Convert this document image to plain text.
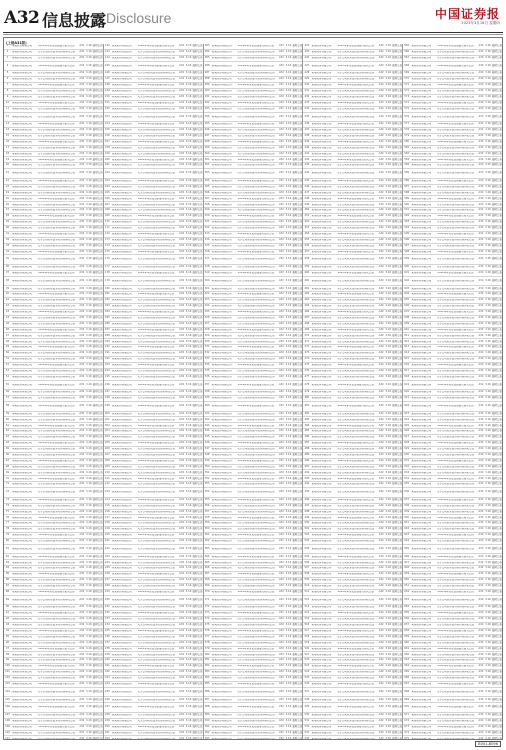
A32 信息披露 Disclosure	中国证券报
2023年3月16日 星期四
(上接A31版)
1	某某股份有限公司	2022年年度报告摘要及相关公告	A32 3.16 临时公告
2	某某股份有限公司	关于公司股东部分股份质押的公告	A32 3.16 临时公告
3	某某股份有限公司	关于公司股东部分股份质押的公告	A32 3.16 临时公告
4	某某股份有限公司	2022年年度报告摘要及相关公告	A32 3.16 临时公告
5	某某股份有限公司	关于公司股东部分股份质押的公告	A32 3.16 临时公告
6	某某股份有限公司	关于公司股东部分股份质押的公告	A32 3.16 临时公告
7	某某股份有限公司	2022年年度报告摘要及相关公告	A32 3.16 临时公告
8	某某股份有限公司	关于公司股东部分股份质押的公告	A32 3.16 临时公告
9	某某股份有限公司	关于公司股东部分股份质押的公告	A32 3.16 临时公告
10	某某股份有限公司	2022年年度报告摘要及相关公告	A32 3.16 临时公告
11	某某股份有限公司	关于公司股东部分股份质押的公告	A32 3.16 临时公告
12	某某股份有限公司	关于公司股东部分股份质押的公告	A32 3.16 临时公告
13	某某股份有限公司	2022年年度报告摘要及相关公告	A32 3.16 临时公告
14	某某股份有限公司	关于公司股东部分股份质押的公告	A32 3.16 临时公告
15	某某股份有限公司	关于公司股东部分股份质押的公告	A32 3.16 临时公告
16	某某股份有限公司	2022年年度报告摘要及相关公告	A32 3.16 临时公告
17	某某股份有限公司	关于公司股东部分股份质押的公告	A32 3.16 临时公告
18	某某股份有限公司	关于公司股东部分股份质押的公告	A32 3.16 临时公告
19	某某股份有限公司	2022年年度报告摘要及相关公告	A32 3.16 临时公告
20	某某股份有限公司	关于公司股东部分股份质押的公告	A32 3.16 临时公告
21	某某股份有限公司	关于公司股东部分股份质押的公告	A32 3.16 临时公告
22	某某股份有限公司	2022年年度报告摘要及相关公告	A32 3.16 临时公告
23	某某股份有限公司	关于公司股东部分股份质押的公告	A32 3.16 临时公告
24	某某股份有限公司	关于公司股东部分股份质押的公告	A32 3.16 临时公告
25	某某股份有限公司	2022年年度报告摘要及相关公告	A32 3.16 临时公告
26	某某股份有限公司	关于公司股东部分股份质押的公告	A32 3.16 临时公告
27	某某股份有限公司	关于公司股东部分股份质押的公告	A32 3.16 临时公告
28	某某股份有限公司	2022年年度报告摘要及相关公告	A32 3.16 临时公告
29	某某股份有限公司	关于公司股东部分股份质押的公告	A32 3.16 临时公告
30	某某股份有限公司	关于公司股东部分股份质押的公告	A32 3.16 临时公告
31	某某股份有限公司	2022年年度报告摘要及相关公告	A32 3.16 临时公告
32	某某股份有限公司	关于公司股东部分股份质押的公告	A32 3.16 临时公告
33	某某股份有限公司	关于公司股东部分股份质押的公告	A32 3.16 临时公告
34	某某股份有限公司	2022年年度报告摘要及相关公告	A32 3.16 临时公告
35	某某股份有限公司	关于公司股东部分股份质押的公告	A32 3.16 临时公告
36	某某股份有限公司	关于公司股东部分股份质押的公告	A32 3.16 临时公告
37	某某股份有限公司	2022年年度报告摘要及相关公告	A32 3.16 临时公告
38	某某股份有限公司	关于公司股东部分股份质押的公告	A32 3.16 临时公告
39	某某股份有限公司	关于公司股东部分股份质押的公告	A32 3.16 临时公告
40	某某股份有限公司	2022年年度报告摘要及相关公告	A32 3.16 临时公告
41	某某股份有限公司	关于公司股东部分股份质押的公告	A32 3.16 临时公告
42	某某股份有限公司	关于公司股东部分股份质押的公告	A32 3.16 临时公告
43	某某股份有限公司	2022年年度报告摘要及相关公告	A32 3.16 临时公告
44	某某股份有限公司	关于公司股东部分股份质押的公告	A32 3.16 临时公告
45	某某股份有限公司	关于公司股东部分股份质押的公告	A32 3.16 临时公告
46	某某股份有限公司	2022年年度报告摘要及相关公告	A32 3.16 临时公告
47	某某股份有限公司	关于公司股东部分股份质押的公告	A32 3.16 临时公告
48	某某股份有限公司	关于公司股东部分股份质押的公告	A32 3.16 临时公告
49	某某股份有限公司	2022年年度报告摘要及相关公告	A32 3.16 临时公告
50	某某股份有限公司	关于公司股东部分股份质押的公告	A32 3.16 临时公告
51	某某股份有限公司	关于公司股东部分股份质押的公告	A32 3.16 临时公告
52	某某股份有限公司	2022年年度报告摘要及相关公告	A32 3.16 临时公告
53	某某股份有限公司	关于公司股东部分股份质押的公告	A32 3.16 临时公告
54	某某股份有限公司	关于公司股东部分股份质押的公告	A32 3.16 临时公告
55	某某股份有限公司	2022年年度报告摘要及相关公告	A32 3.16 临时公告
56	某某股份有限公司	关于公司股东部分股份质押的公告	A32 3.16 临时公告
57	某某股份有限公司	关于公司股东部分股份质押的公告	A32 3.16 临时公告
58	某某股份有限公司	2022年年度报告摘要及相关公告	A32 3.16 临时公告
59	某某股份有限公司	关于公司股东部分股份质押的公告	A32 3.16 临时公告
60	某某股份有限公司	关于公司股东部分股份质押的公告	A32 3.16 临时公告
61	某某股份有限公司	2022年年度报告摘要及相关公告	A32 3.16 临时公告
62	某某股份有限公司	关于公司股东部分股份质押的公告	A32 3.16 临时公告
63	某某股份有限公司	关于公司股东部分股份质押的公告	A32 3.16 临时公告
64	某某股份有限公司	2022年年度报告摘要及相关公告	A32 3.16 临时公告
65	某某股份有限公司	关于公司股东部分股份质押的公告	A32 3.16 临时公告
66	某某股份有限公司	关于公司股东部分股份质押的公告	A32 3.16 临时公告
67	某某股份有限公司	2022年年度报告摘要及相关公告	A32 3.16 临时公告
68	某某股份有限公司	关于公司股东部分股份质押的公告	A32 3.16 临时公告
69	某某股份有限公司	关于公司股东部分股份质押的公告	A32 3.16 临时公告
70	某某股份有限公司	2022年年度报告摘要及相关公告	A32 3.16 临时公告
71	某某股份有限公司	关于公司股东部分股份质押的公告	A32 3.16 临时公告
72	某某股份有限公司	关于公司股东部分股份质押的公告	A32 3.16 临时公告
73	某某股份有限公司	2022年年度报告摘要及相关公告	A32 3.16 临时公告
74	某某股份有限公司	关于公司股东部分股份质押的公告	A32 3.16 临时公告
75	某某股份有限公司	关于公司股东部分股份质押的公告	A32 3.16 临时公告
76	某某股份有限公司	2022年年度报告摘要及相关公告	A32 3.16 临时公告
77	某某股份有限公司	关于公司股东部分股份质押的公告	A32 3.16 临时公告
78	某某股份有限公司	关于公司股东部分股份质押的公告	A32 3.16 临时公告
79	某某股份有限公司	2022年年度报告摘要及相关公告	A32 3.16 临时公告
80	某某股份有限公司	关于公司股东部分股份质押的公告	A32 3.16 临时公告
81	某某股份有限公司	关于公司股东部分股份质押的公告	A32 3.16 临时公告
82	某某股份有限公司	2022年年度报告摘要及相关公告	A32 3.16 临时公告
83	某某股份有限公司	关于公司股东部分股份质押的公告	A32 3.16 临时公告
84	某某股份有限公司	关于公司股东部分股份质押的公告	A32 3.16 临时公告
85	某某股份有限公司	2022年年度报告摘要及相关公告	A32 3.16 临时公告
86	某某股份有限公司	关于公司股东部分股份质押的公告	A32 3.16 临时公告
87	某某股份有限公司	关于公司股东部分股份质押的公告	A32 3.16 临时公告
88	某某股份有限公司	2022年年度报告摘要及相关公告	A32 3.16 临时公告
89	某某股份有限公司	关于公司股东部分股份质押的公告	A32 3.16 临时公告
90	某某股份有限公司	关于公司股东部分股份质押的公告	A32 3.16 临时公告
91	某某股份有限公司	2022年年度报告摘要及相关公告	A32 3.16 临时公告
92	某某股份有限公司	关于公司股东部分股份质押的公告	A32 3.16 临时公告
93	某某股份有限公司	关于公司股东部分股份质押的公告	A32 3.16 临时公告
94	某某股份有限公司	2022年年度报告摘要及相关公告	A32 3.16 临时公告
95	某某股份有限公司	关于公司股东部分股份质押的公告	A32 3.16 临时公告
96	某某股份有限公司	关于公司股东部分股份质押的公告	A32 3.16 临时公告
97	某某股份有限公司	2022年年度报告摘要及相关公告	A32 3.16 临时公告
98	某某股份有限公司	关于公司股东部分股份质押的公告	A32 3.16 临时公告
99	某某股份有限公司	关于公司股东部分股份质押的公告	A32 3.16 临时公告
100 某某股份有限公司	2022年年度报告摘要及相关公告	A32 3.16 临时公告
101 某某股份有限公司	关于公司股东部分股份质押的公告	A32 3.16 临时公告
102 某某股份有限公司	关于公司股东部分股份质押的公告	A32 3.16 临时公告
103 某某股份有限公司	2022年年度报告摘要及相关公告	A32 3.16 临时公告
104 某某股份有限公司	关于公司股东部分股份质押的公告	A32 3.16 临时公告
105 某某股份有限公司	关于公司股东部分股份质押的公告	A32 3.16 临时公告
106 某某股份有限公司	2022年年度报告摘要及相关公告	A32 3.16 临时公告
107 某某股份有限公司	关于公司股东部分股份质押的公告	A32 3.16 临时公告
108 某某股份有限公司	关于公司股东部分股份质押的公告	A32 3.16 临时公告
109 某某股份有限公司	2022年年度报告摘要及相关公告	A32 3.16 临时公告
110 某某股份有限公司	关于公司股东部分股份质押的公告	A32 3.16 临时公告
111	A32 3.16 临时公告
142 某某股份有限公司	2022年年度报告摘要及相关公告	A32 3.16 临时公告
143 某某股份有限公司	关于公司股东部分股份质押的公告	A32 3.16 临时公告
144 某某股份有限公司	关于公司股东部分股份质押的公告	A32 3.16 临时公告
145 某某股份有限公司	2022年年度报告摘要及相关公告	A32 3.16 临时公告
146 某某股份有限公司	关于公司股东部分股份质押的公告	A32 3.16 临时公告
147 某某股份有限公司	关于公司股东部分股份质押的公告	A32 3.16 临时公告
148 某某股份有限公司	2022年年度报告摘要及相关公告	A32 3.16 临时公告
149 某某股份有限公司	关于公司股东部分股份质押的公告	A32 3.16 临时公告
150 某某股份有限公司	关于公司股东部分股份质押的公告	A32 3.16 临时公告
151 某某股份有限公司	2022年年度报告摘要及相关公告	A32 3.16 临时公告
152 某某股份有限公司	关于公司股东部分股份质押的公告	A32 3.16 临时公告
153 某某股份有限公司	关于公司股东部分股份质押的公告	A32 3.16 临时公告
154 某某股份有限公司	2022年年度报告摘要及相关公告	A32 3.16 临时公告
155 某某股份有限公司	关于公司股东部分股份质押的公告	A32 3.16 临时公告
156 某某股份有限公司	关于公司股东部分股份质押的公告	A32 3.16 临时公告
157 某某股份有限公司	2022年年度报告摘要及相关公告	A32 3.16 临时公告
158 某某股份有限公司	关于公司股东部分股份质押的公告	A32 3.16 临时公告
159 某某股份有限公司	关于公司股东部分股份质押的公告	A32 3.16 临时公告
160 某某股份有限公司	2022年年度报告摘要及相关公告	A32 3.16 临时公告
161 某某股份有限公司	关于公司股东部分股份质押的公告	A32 3.16 临时公告
162 某某股份有限公司	关于公司股东部分股份质押的公告	A32 3.16 临时公告
163 某某股份有限公司	2022年年度报告摘要及相关公告	A32 3.16 临时公告
164 某某股份有限公司	关于公司股东部分股份质押的公告	A32 3.16 临时公告
165 某某股份有限公司	关于公司股东部分股份质押的公告	A32 3.16 临时公告
166 某某股份有限公司	2022年年度报告摘要及相关公告	A32 3.16 临时公告
167 某某股份有限公司	关于公司股东部分股份质押的公告	A32 3.16 临时公告
168 某某股份有限公司	关于公司股东部分股份质押的公告	A32 3.16 临时公告
169 某某股份有限公司	2022年年度报告摘要及相关公告	A32 3.16 临时公告
170 某某股份有限公司	关于公司股东部分股份质押的公告	A32 3.16 临时公告
171 某某股份有限公司	关于公司股东部分股份质押的公告	A32 3.16 临时公告
172 某某股份有限公司	2022年年度报告摘要及相关公告	A32 3.16 临时公告
173 某某股份有限公司	关于公司股东部分股份质押的公告	A32 3.16 临时公告
174 某某股份有限公司	关于公司股东部分股份质押的公告	A32 3.16 临时公告
175 某某股份有限公司	2022年年度报告摘要及相关公告	A32 3.16 临时公告
176 某某股份有限公司	关于公司股东部分股份质押的公告	A32 3.16 临时公告
177 某某股份有限公司	关于公司股东部分股份质押的公告	A32 3.16 临时公告
178 某某股份有限公司	2022年年度报告摘要及相关公告	A32 3.16 临时公告
179 某某股份有限公司	关于公司股东部分股份质押的公告	A32 3.16 临时公告
180 某某股份有限公司	关于公司股东部分股份质押的公告	A32 3.16 临时公告
181 某某股份有限公司	2022年年度报告摘要及相关公告	A32 3.16 临时公告
182 某某股份有限公司	关于公司股东部分股份质押的公告	A32 3.16 临时公告
183 某某股份有限公司	关于公司股东部分股份质押的公告	A32 3.16 临时公告
184 某某股份有限公司	2022年年度报告摘要及相关公告	A32 3.16 临时公告
185 某某股份有限公司	关于公司股东部分股份质押的公告	A32 3.16 临时公告
186 某某股份有限公司	关于公司股东部分股份质押的公告	A32 3.16 临时公告
187 某某股份有限公司	2022年年度报告摘要及相关公告	A32 3.16 临时公告
188 某某股份有限公司	关于公司股东部分股份质押的公告	A32 3.16 临时公告
189 某某股份有限公司	关于公司股东部分股份质押的公告	A32 3.16 临时公告
190 某某股份有限公司	2022年年度报告摘要及相关公告	A32 3.16 临时公告
191 某某股份有限公司	关于公司股东部分股份质押的公告	A32 3.16 临时公告
192 某某股份有限公司	关于公司股东部分股份质押的公告	A32 3.16 临时公告
193 某某股份有限公司	2022年年度报告摘要及相关公告	A32 3.16 临时公告
194 某某股份有限公司	关于公司股东部分股份质押的公告	A32 3.16 临时公告
195 某某股份有限公司	关于公司股东部分股份质押的公告	A32 3.16 临时公告
196 某某股份有限公司	2022年年度报告摘要及相关公告	A32 3.16 临时公告
197 某某股份有限公司	关于公司股东部分股份质押的公告	A32 3.16 临时公告
198 某某股份有限公司	关于公司股东部分股份质押的公告	A32 3.16 临时公告
199 某某股份有限公司	2022年年度报告摘要及相关公告	A32 3.16 临时公告
200 某某股份有限公司	关于公司股东部分股份质押的公告	A32 3.16 临时公告
201 某某股份有限公司	关于公司股东部分股份质押的公告	A32 3.16 临时公告
202 某某股份有限公司	2022年年度报告摘要及相关公告	A32 3.16 临时公告
203 某某股份有限公司	关于公司股东部分股份质押的公告	A32 3.16 临时公告
204 某某股份有限公司	关于公司股东部分股份质押的公告	A32 3.16 临时公告
205 某某股份有限公司	2022年年度报告摘要及相关公告	A32 3.16 临时公告
206 某某股份有限公司	关于公司股东部分股份质押的公告	A32 3.16 临时公告
207 某某股份有限公司	关于公司股东部分股份质押的公告	A32 3.16 临时公告
208 某某股份有限公司	2022年年度报告摘要及相关公告	A32 3.16 临时公告
209 某某股份有限公司	关于公司股东部分股份质押的公告	A32 3.16 临时公告
210 某某股份有限公司	关于公司股东部分股份质押的公告	A32 3.16 临时公告
211 某某股份有限公司	2022年年度报告摘要及相关公告	A32 3.16 临时公告
212 某某股份有限公司	关于公司股东部分股份质押的公告	A32 3.16 临时公告
213 某某股份有限公司	关于公司股东部分股份质押的公告	A32 3.16 临时公告
214 某某股份有限公司	2022年年度报告摘要及相关公告	A32 3.16 临时公告
215 某某股份有限公司	关于公司股东部分股份质押的公告	A32 3.16 临时公告
216 某某股份有限公司	关于公司股东部分股份质押的公告	A32 3.16 临时公告
217 某某股份有限公司	2022年年度报告摘要及相关公告	A32 3.16 临时公告
218 某某股份有限公司	关于公司股东部分股份质押的公告	A32 3.16 临时公告
219 某某股份有限公司	关于公司股东部分股份质押的公告	A32 3.16 临时公告
220 某某股份有限公司	2022年年度报告摘要及相关公告	A32 3.16 临时公告
221 某某股份有限公司	关于公司股东部分股份质押的公告	A32 3.16 临时公告
222 某某股份有限公司	关于公司股东部分股份质押的公告	A32 3.16 临时公告
223 某某股份有限公司	2022年年度报告摘要及相关公告	A32 3.16 临时公告
224 某某股份有限公司	关于公司股东部分股份质押的公告	A32 3.16 临时公告
225 某某股份有限公司	关于公司股东部分股份质押的公告	A32 3.16 临时公告
226 某某股份有限公司	2022年年度报告摘要及相关公告	A32 3.16 临时公告
227 某某股份有限公司	关于公司股东部分股份质押的公告	A32 3.16 临时公告
228 某某股份有限公司	关于公司股东部分股份质押的公告	A32 3.16 临时公告
229 某某股份有限公司	2022年年度报告摘要及相关公告	A32 3.16 临时公告
230 某某股份有限公司	关于公司股东部分股份质押的公告	A32 3.16 临时公告
231 某某股份有限公司	关于公司股东部分股份质押的公告	A32 3.16 临时公告
232 某某股份有限公司	2022年年度报告摘要及相关公告	A32 3.16 临时公告
233 某某股份有限公司	关于公司股东部分股份质押的公告	A32 3.16 临时公告
234 某某股份有限公司	关于公司股东部分股份质押的公告	A32 3.16 临时公告
235 某某股份有限公司	2022年年度报告摘要及相关公告	A32 3.16 临时公告
236 某某股份有限公司	关于公司股东部分股份质押的公告	A32 3.16 临时公告
237 某某股份有限公司	关于公司股东部分股份质押的公告	A32 3.16 临时公告
238 某某股份有限公司	2022年年度报告摘要及相关公告	A32 3.16 临时公告
239 某某股份有限公司	关于公司股东部分股份质押的公告	A32 3.16 临时公告
240 某某股份有限公司	关于公司股东部分股份质押的公告	A32 3.16 临时公告
241 某某股份有限公司	2022年年度报告摘要及相关公告	A32 3.16 临时公告
242 某某股份有限公司	关于公司股东部分股份质押的公告	A32 3.16 临时公告
243 某某股份有限公司	关于公司股东部分股份质押的公告	A32 3.16 临时公告
244 某某股份有限公司	2022年年度报告摘要及相关公告	A32 3.16 临时公告
245 某某股份有限公司	关于公司股东部分股份质押的公告	A32 3.16 临时公告
246 某某股份有限公司	关于公司股东部分股份质押的公告	A32 3.16 临时公告
247 某某股份有限公司	2022年年度报告摘要及相关公告	A32 3.16 临时公告
248 某某股份有限公司	关于公司股东部分股份质押的公告	A32 3.16 临时公告
249 某某股份有限公司	关于公司股东部分股份质押的公告	A32 3.16 临时公告
250 某某股份有限公司	2022年年度报告摘要及相关公告	A32 3.16 临时公告
251 某某股份有限公司	关于公司股东部分股份质押的公告	A32 3.16 临时公告
252	A32 3.16 临时公告
283 某某股份有限公司	2022年年度报告摘要及相关公告	A32 3.16 临时公告
284 某某股份有限公司	关于公司股东部分股份质押的公告	A32 3.16 临时公告
285 某某股份有限公司	关于公司股东部分股份质押的公告	A32 3.16 临时公告
286 某某股份有限公司	2022年年度报告摘要及相关公告	A32 3.16 临时公告
287 某某股份有限公司	关于公司股东部分股份质押的公告	A32 3.16 临时公告
288 某某股份有限公司	关于公司股东部分股份质押的公告	A32 3.16 临时公告
289 某某股份有限公司	2022年年度报告摘要及相关公告	A32 3.16 临时公告
290 某某股份有限公司	关于公司股东部分股份质押的公告	A32 3.16 临时公告
291 某某股份有限公司	关于公司股东部分股份质押的公告	A32 3.16 临时公告
292 某某股份有限公司	2022年年度报告摘要及相关公告	A32 3.16 临时公告
293 某某股份有限公司	关于公司股东部分股份质押的公告	A32 3.16 临时公告
294 某某股份有限公司	关于公司股东部分股份质押的公告	A32 3.16 临时公告
295 某某股份有限公司	2022年年度报告摘要及相关公告	A32 3.16 临时公告
296 某某股份有限公司	关于公司股东部分股份质押的公告	A32 3.16 临时公告
297 某某股份有限公司	关于公司股东部分股份质押的公告	A32 3.16 临时公告
298 某某股份有限公司	2022年年度报告摘要及相关公告	A32 3.16 临时公告
299 某某股份有限公司	关于公司股东部分股份质押的公告	A32 3.16 临时公告
300 某某股份有限公司	关于公司股东部分股份质押的公告	A32 3.16 临时公告
301 某某股份有限公司	2022年年度报告摘要及相关公告	A32 3.16 临时公告
302 某某股份有限公司	关于公司股东部分股份质押的公告	A32 3.16 临时公告
303 某某股份有限公司	关于公司股东部分股份质押的公告	A32 3.16 临时公告
304 某某股份有限公司	2022年年度报告摘要及相关公告	A32 3.16 临时公告
305 某某股份有限公司	关于公司股东部分股份质押的公告	A32 3.16 临时公告
306 某某股份有限公司	关于公司股东部分股份质押的公告	A32 3.16 临时公告
307 某某股份有限公司	2022年年度报告摘要及相关公告	A32 3.16 临时公告
308 某某股份有限公司	关于公司股东部分股份质押的公告	A32 3.16 临时公告
309 某某股份有限公司	关于公司股东部分股份质押的公告	A32 3.16 临时公告
310 某某股份有限公司	2022年年度报告摘要及相关公告	A32 3.16 临时公告
311 某某股份有限公司	关于公司股东部分股份质押的公告	A32 3.16 临时公告
312 某某股份有限公司	关于公司股东部分股份质押的公告	A32 3.16 临时公告
313 某某股份有限公司	2022年年度报告摘要及相关公告	A32 3.16 临时公告
314 某某股份有限公司	关于公司股东部分股份质押的公告	A32 3.16 临时公告
315 某某股份有限公司	关于公司股东部分股份质押的公告	A32 3.16 临时公告
316 某某股份有限公司	2022年年度报告摘要及相关公告	A32 3.16 临时公告
317 某某股份有限公司	关于公司股东部分股份质押的公告	A32 3.16 临时公告
318 某某股份有限公司	关于公司股东部分股份质押的公告	A32 3.16 临时公告
319 某某股份有限公司	2022年年度报告摘要及相关公告	A32 3.16 临时公告
320 某某股份有限公司	关于公司股东部分股份质押的公告	A32 3.16 临时公告
321 某某股份有限公司	关于公司股东部分股份质押的公告	A32 3.16 临时公告
322 某某股份有限公司	2022年年度报告摘要及相关公告	A32 3.16 临时公告
323 某某股份有限公司	关于公司股东部分股份质押的公告	A32 3.16 临时公告
324 某某股份有限公司	关于公司股东部分股份质押的公告	A32 3.16 临时公告
325 某某股份有限公司	2022年年度报告摘要及相关公告	A32 3.16 临时公告
326 某某股份有限公司	关于公司股东部分股份质押的公告	A32 3.16 临时公告
327 某某股份有限公司	关于公司股东部分股份质押的公告	A32 3.16 临时公告
328 某某股份有限公司	2022年年度报告摘要及相关公告	A32 3.16 临时公告
329 某某股份有限公司	关于公司股东部分股份质押的公告	A32 3.16 临时公告
330 某某股份有限公司	关于公司股东部分股份质押的公告	A32 3.16 临时公告
331 某某股份有限公司	2022年年度报告摘要及相关公告	A32 3.16 临时公告
332 某某股份有限公司	关于公司股东部分股份质押的公告	A32 3.16 临时公告
333 某某股份有限公司	关于公司股东部分股份质押的公告	A32 3.16 临时公告
334 某某股份有限公司	2022年年度报告摘要及相关公告	A32 3.16 临时公告
335 某某股份有限公司	关于公司股东部分股份质押的公告	A32 3.16 临时公告
336 某某股份有限公司	关于公司股东部分股份质押的公告	A32 3.16 临时公告
337 某某股份有限公司	2022年年度报告摘要及相关公告	A32 3.16 临时公告
338 某某股份有限公司	关于公司股东部分股份质押的公告	A32 3.16 临时公告
339 某某股份有限公司	关于公司股东部分股份质押的公告	A32 3.16 临时公告
340 某某股份有限公司	2022年年度报告摘要及相关公告	A32 3.16 临时公告
341 某某股份有限公司	关于公司股东部分股份质押的公告	A32 3.16 临时公告
342 某某股份有限公司	关于公司股东部分股份质押的公告	A32 3.16 临时公告
343 某某股份有限公司	2022年年度报告摘要及相关公告	A32 3.16 临时公告
344 某某股份有限公司	关于公司股东部分股份质押的公告	A32 3.16 临时公告
345 某某股份有限公司	关于公司股东部分股份质押的公告	A32 3.16 临时公告
346 某某股份有限公司	2022年年度报告摘要及相关公告	A32 3.16 临时公告
347 某某股份有限公司	关于公司股东部分股份质押的公告	A32 3.16 临时公告
348 某某股份有限公司	关于公司股东部分股份质押的公告	A32 3.16 临时公告
349 某某股份有限公司	2022年年度报告摘要及相关公告	A32 3.16 临时公告
350 某某股份有限公司	关于公司股东部分股份质押的公告	A32 3.16 临时公告
351 某某股份有限公司	关于公司股东部分股份质押的公告	A32 3.16 临时公告
352 某某股份有限公司	2022年年度报告摘要及相关公告	A32 3.16 临时公告
353 某某股份有限公司	关于公司股东部分股份质押的公告	A32 3.16 临时公告
354 某某股份有限公司	关于公司股东部分股份质押的公告	A32 3.16 临时公告
355 某某股份有限公司	2022年年度报告摘要及相关公告	A32 3.16 临时公告
356 某某股份有限公司	关于公司股东部分股份质押的公告	A32 3.16 临时公告
357 某某股份有限公司	关于公司股东部分股份质押的公告	A32 3.16 临时公告
358 某某股份有限公司	2022年年度报告摘要及相关公告	A32 3.16 临时公告
359 某某股份有限公司	关于公司股东部分股份质押的公告	A32 3.16 临时公告
360 某某股份有限公司	关于公司股东部分股份质押的公告	A32 3.16 临时公告
361 某某股份有限公司	2022年年度报告摘要及相关公告	A32 3.16 临时公告
362 某某股份有限公司	关于公司股东部分股份质押的公告	A32 3.16 临时公告
363 某某股份有限公司	关于公司股东部分股份质押的公告	A32 3.16 临时公告
364 某某股份有限公司	2022年年度报告摘要及相关公告	A32 3.16 临时公告
365 某某股份有限公司	关于公司股东部分股份质押的公告	A32 3.16 临时公告
366 某某股份有限公司	关于公司股东部分股份质押的公告	A32 3.16 临时公告
367 某某股份有限公司	2022年年度报告摘要及相关公告	A32 3.16 临时公告
368 某某股份有限公司	关于公司股东部分股份质押的公告	A32 3.16 临时公告
369 某某股份有限公司	关于公司股东部分股份质押的公告	A32 3.16 临时公告
370 某某股份有限公司	2022年年度报告摘要及相关公告	A32 3.16 临时公告
371 某某股份有限公司	关于公司股东部分股份质押的公告	A32 3.16 临时公告
372 某某股份有限公司	关于公司股东部分股份质押的公告	A32 3.16 临时公告
373 某某股份有限公司	2022年年度报告摘要及相关公告	A32 3.16 临时公告
374 某某股份有限公司	关于公司股东部分股份质押的公告	A32 3.16 临时公告
375 某某股份有限公司	关于公司股东部分股份质押的公告	A32 3.16 临时公告
376 某某股份有限公司	2022年年度报告摘要及相关公告	A32 3.16 临时公告
377 某某股份有限公司	关于公司股东部分股份质押的公告	A32 3.16 临时公告
378 某某股份有限公司	关于公司股东部分股份质押的公告	A32 3.16 临时公告
379 某某股份有限公司	2022年年度报告摘要及相关公告	A32 3.16 临时公告
380 某某股份有限公司	关于公司股东部分股份质押的公告	A32 3.16 临时公告
381 某某股份有限公司	关于公司股东部分股份质押的公告	A32 3.16 临时公告
382 某某股份有限公司	2022年年度报告摘要及相关公告	A32 3.16 临时公告
383 某某股份有限公司	关于公司股东部分股份质押的公告	A32 3.16 临时公告
384 某某股份有限公司	关于公司股东部分股份质押的公告	A32 3.16 临时公告
385 某某股份有限公司	2022年年度报告摘要及相关公告	A32 3.16 临时公告
386 某某股份有限公司	关于公司股东部分股份质押的公告	A32 3.16 临时公告
387 某某股份有限公司	关于公司股东部分股份质押的公告	A32 3.16 临时公告
388 某某股份有限公司	2022年年度报告摘要及相关公告	A32 3.16 临时公告
389 某某股份有限公司	关于公司股东部分股份质押的公告	A32 3.16 临时公告
390 某某股份有限公司	关于公司股东部分股份质押的公告	A32 3.16 临时公告
391 某某股份有限公司	2022年年度报告摘要及相关公告	A32 3.16 临时公告
392 某某股份有限公司	关于公司股东部分股份质押的公告	A32 3.16 临时公告
393	A32 3.16 临时公告
424 某某股份有限公司	2022年年度报告摘要及相关公告	A32 3.16 临时公告
425 某某股份有限公司	关于公司股东部分股份质押的公告	A32 3.16 临时公告
426 某某股份有限公司	关于公司股东部分股份质押的公告	A32 3.16 临时公告
427 某某股份有限公司	2022年年度报告摘要及相关公告	A32 3.16 临时公告
428 某某股份有限公司	关于公司股东部分股份质押的公告	A32 3.16 临时公告
429 某某股份有限公司	关于公司股东部分股份质押的公告	A32 3.16 临时公告
430 某某股份有限公司	2022年年度报告摘要及相关公告	A32 3.16 临时公告
431 某某股份有限公司	关于公司股东部分股份质押的公告	A32 3.16 临时公告
432 某某股份有限公司	关于公司股东部分股份质押的公告	A32 3.16 临时公告
433 某某股份有限公司	2022年年度报告摘要及相关公告	A32 3.16 临时公告
434 某某股份有限公司	关于公司股东部分股份质押的公告	A32 3.16 临时公告
435 某某股份有限公司	关于公司股东部分股份质押的公告	A32 3.16 临时公告
436 某某股份有限公司	2022年年度报告摘要及相关公告	A32 3.16 临时公告
437 某某股份有限公司	关于公司股东部分股份质押的公告	A32 3.16 临时公告
438 某某股份有限公司	关于公司股东部分股份质押的公告	A32 3.16 临时公告
439 某某股份有限公司	2022年年度报告摘要及相关公告	A32 3.16 临时公告
440 某某股份有限公司	关于公司股东部分股份质押的公告	A32 3.16 临时公告
441 某某股份有限公司	关于公司股东部分股份质押的公告	A32 3.16 临时公告
442 某某股份有限公司	2022年年度报告摘要及相关公告	A32 3.16 临时公告
443 某某股份有限公司	关于公司股东部分股份质押的公告	A32 3.16 临时公告
444 某某股份有限公司	关于公司股东部分股份质押的公告	A32 3.16 临时公告
445 某某股份有限公司	2022年年度报告摘要及相关公告	A32 3.16 临时公告
446 某某股份有限公司	关于公司股东部分股份质押的公告	A32 3.16 临时公告
447 某某股份有限公司	关于公司股东部分股份质押的公告	A32 3.16 临时公告
448 某某股份有限公司	2022年年度报告摘要及相关公告	A32 3.16 临时公告
449 某某股份有限公司	关于公司股东部分股份质押的公告	A32 3.16 临时公告
450 某某股份有限公司	关于公司股东部分股份质押的公告	A32 3.16 临时公告
451 某某股份有限公司	2022年年度报告摘要及相关公告	A32 3.16 临时公告
452 某某股份有限公司	关于公司股东部分股份质押的公告	A32 3.16 临时公告
453 某某股份有限公司	关于公司股东部分股份质押的公告	A32 3.16 临时公告
454 某某股份有限公司	2022年年度报告摘要及相关公告	A32 3.16 临时公告
455 某某股份有限公司	关于公司股东部分股份质押的公告	A32 3.16 临时公告
456 某某股份有限公司	关于公司股东部分股份质押的公告	A32 3.16 临时公告
457 某某股份有限公司	2022年年度报告摘要及相关公告	A32 3.16 临时公告
458 某某股份有限公司	关于公司股东部分股份质押的公告	A32 3.16 临时公告
459 某某股份有限公司	关于公司股东部分股份质押的公告	A32 3.16 临时公告
460 某某股份有限公司	2022年年度报告摘要及相关公告	A32 3.16 临时公告
461 某某股份有限公司	关于公司股东部分股份质押的公告	A32 3.16 临时公告
462 某某股份有限公司	关于公司股东部分股份质押的公告	A32 3.16 临时公告
463 某某股份有限公司	2022年年度报告摘要及相关公告	A32 3.16 临时公告
464 某某股份有限公司	关于公司股东部分股份质押的公告	A32 3.16 临时公告
465 某某股份有限公司	关于公司股东部分股份质押的公告	A32 3.16 临时公告
466 某某股份有限公司	2022年年度报告摘要及相关公告	A32 3.16 临时公告
467 某某股份有限公司	关于公司股东部分股份质押的公告	A32 3.16 临时公告
468 某某股份有限公司	关于公司股东部分股份质押的公告	A32 3.16 临时公告
469 某某股份有限公司	2022年年度报告摘要及相关公告	A32 3.16 临时公告
470 某某股份有限公司	关于公司股东部分股份质押的公告	A32 3.16 临时公告
471 某某股份有限公司	关于公司股东部分股份质押的公告	A32 3.16 临时公告
472 某某股份有限公司	2022年年度报告摘要及相关公告	A32 3.16 临时公告
473 某某股份有限公司	关于公司股东部分股份质押的公告	A32 3.16 临时公告
474 某某股份有限公司	关于公司股东部分股份质押的公告	A32 3.16 临时公告
475 某某股份有限公司	2022年年度报告摘要及相关公告	A32 3.16 临时公告
476 某某股份有限公司	关于公司股东部分股份质押的公告	A32 3.16 临时公告
477 某某股份有限公司	关于公司股东部分股份质押的公告	A32 3.16 临时公告
478 某某股份有限公司	2022年年度报告摘要及相关公告	A32 3.16 临时公告
479 某某股份有限公司	关于公司股东部分股份质押的公告	A32 3.16 临时公告
480 某某股份有限公司	关于公司股东部分股份质押的公告	A32 3.16 临时公告
481 某某股份有限公司	2022年年度报告摘要及相关公告	A32 3.16 临时公告
482 某某股份有限公司	关于公司股东部分股份质押的公告	A32 3.16 临时公告
483 某某股份有限公司	关于公司股东部分股份质押的公告	A32 3.16 临时公告
484 某某股份有限公司	2022年年度报告摘要及相关公告	A32 3.16 临时公告
485 某某股份有限公司	关于公司股东部分股份质押的公告	A32 3.16 临时公告
486 某某股份有限公司	关于公司股东部分股份质押的公告	A32 3.16 临时公告
487 某某股份有限公司	2022年年度报告摘要及相关公告	A32 3.16 临时公告
488 某某股份有限公司	关于公司股东部分股份质押的公告	A32 3.16 临时公告
489 某某股份有限公司	关于公司股东部分股份质押的公告	A32 3.16 临时公告
490 某某股份有限公司	2022年年度报告摘要及相关公告	A32 3.16 临时公告
491 某某股份有限公司	关于公司股东部分股份质押的公告	A32 3.16 临时公告
492 某某股份有限公司	关于公司股东部分股份质押的公告	A32 3.16 临时公告
493 某某股份有限公司	2022年年度报告摘要及相关公告	A32 3.16 临时公告
494 某某股份有限公司	关于公司股东部分股份质押的公告	A32 3.16 临时公告
495 某某股份有限公司	关于公司股东部分股份质押的公告	A32 3.16 临时公告
496 某某股份有限公司	2022年年度报告摘要及相关公告	A32 3.16 临时公告
497 某某股份有限公司	关于公司股东部分股份质押的公告	A32 3.16 临时公告
498 某某股份有限公司	关于公司股东部分股份质押的公告	A32 3.16 临时公告
499 某某股份有限公司	2022年年度报告摘要及相关公告	A32 3.16 临时公告
500 某某股份有限公司	关于公司股东部分股份质押的公告	A32 3.16 临时公告
501 某某股份有限公司	关于公司股东部分股份质押的公告	A32 3.16 临时公告
502 某某股份有限公司	2022年年度报告摘要及相关公告	A32 3.16 临时公告
503 某某股份有限公司	关于公司股东部分股份质押的公告	A32 3.16 临时公告
504 某某股份有限公司	关于公司股东部分股份质押的公告	A32 3.16 临时公告
505 某某股份有限公司	2022年年度报告摘要及相关公告	A32 3.16 临时公告
506 某某股份有限公司	关于公司股东部分股份质押的公告	A32 3.16 临时公告
507 某某股份有限公司	关于公司股东部分股份质押的公告	A32 3.16 临时公告
508 某某股份有限公司	2022年年度报告摘要及相关公告	A32 3.16 临时公告
509 某某股份有限公司	关于公司股东部分股份质押的公告	A32 3.16 临时公告
510 某某股份有限公司	关于公司股东部分股份质押的公告	A32 3.16 临时公告
511 某某股份有限公司	2022年年度报告摘要及相关公告	A32 3.16 临时公告
512 某某股份有限公司	关于公司股东部分股份质押的公告	A32 3.16 临时公告
513 某某股份有限公司	关于公司股东部分股份质押的公告	A32 3.16 临时公告
514 某某股份有限公司	2022年年度报告摘要及相关公告	A32 3.16 临时公告
515 某某股份有限公司	关于公司股东部分股份质押的公告	A32 3.16 临时公告
516 某某股份有限公司	关于公司股东部分股份质押的公告	A32 3.16 临时公告
517 某某股份有限公司	2022年年度报告摘要及相关公告	A32 3.16 临时公告
518 某某股份有限公司	关于公司股东部分股份质押的公告	A32 3.16 临时公告
519 某某股份有限公司	关于公司股东部分股份质押的公告	A32 3.16 临时公告
520 某某股份有限公司	2022年年度报告摘要及相关公告	A32 3.16 临时公告
521 某某股份有限公司	关于公司股东部分股份质押的公告	A32 3.16 临时公告
522 某某股份有限公司	关于公司股东部分股份质押的公告	A32 3.16 临时公告
523 某某股份有限公司	2022年年度报告摘要及相关公告	A32 3.16 临时公告
524 某某股份有限公司	关于公司股东部分股份质押的公告	A32 3.16 临时公告
525 某某股份有限公司	关于公司股东部分股份质押的公告	A32 3.16 临时公告
526 某某股份有限公司	2022年年度报告摘要及相关公告	A32 3.16 临时公告
527 某某股份有限公司	关于公司股东部分股份质押的公告	A32 3.16 临时公告
528 某某股份有限公司	关于公司股东部分股份质押的公告	A32 3.16 临时公告
529 某某股份有限公司	2022年年度报告摘要及相关公告	A32 3.16 临时公告
530 某某股份有限公司	关于公司股东部分股份质押的公告	A32 3.16 临时公告
531 某某股份有限公司	关于公司股东部分股份质押的公告	A32 3.16 临时公告
532 某某股份有限公司	2022年年度报告摘要及相关公告	A32 3.16 临时公告
533 某某股份有限公司	关于公司股东部分股份质押的公告	A32 3.16 临时公告
534	A32 3.16 临时公告
565 某某股份有限公司	2022年年度报告摘要及相关公告	A32 3.16 临时公告
566 某某股份有限公司	关于公司股东部分股份质押的公告	A32 3.16 临时公告
567 某某股份有限公司	关于公司股东部分股份质押的公告	A32 3.16 临时公告
568 某某股份有限公司	2022年年度报告摘要及相关公告	A32 3.16 临时公告
569 某某股份有限公司	关于公司股东部分股份质押的公告	A32 3.16 临时公告
570 某某股份有限公司	关于公司股东部分股份质押的公告	A32 3.16 临时公告
571 某某股份有限公司	2022年年度报告摘要及相关公告	A32 3.16 临时公告
572 某某股份有限公司	关于公司股东部分股份质押的公告	A32 3.16 临时公告
573 某某股份有限公司	关于公司股东部分股份质押的公告	A32 3.16 临时公告
574 某某股份有限公司	2022年年度报告摘要及相关公告	A32 3.16 临时公告
575 某某股份有限公司	关于公司股东部分股份质押的公告	A32 3.16 临时公告
576 某某股份有限公司	关于公司股东部分股份质押的公告	A32 3.16 临时公告
577 某某股份有限公司	2022年年度报告摘要及相关公告	A32 3.16 临时公告
578 某某股份有限公司	关于公司股东部分股份质押的公告	A32 3.16 临时公告
579 某某股份有限公司	关于公司股东部分股份质押的公告	A32 3.16 临时公告
580 某某股份有限公司	2022年年度报告摘要及相关公告	A32 3.16 临时公告
581 某某股份有限公司	关于公司股东部分股份质押的公告	A32 3.16 临时公告
582 某某股份有限公司	关于公司股东部分股份质押的公告	A32 3.16 临时公告
583 某某股份有限公司	2022年年度报告摘要及相关公告	A32 3.16 临时公告
584 某某股份有限公司	关于公司股东部分股份质押的公告	A32 3.16 临时公告
585 某某股份有限公司	关于公司股东部分股份质押的公告	A32 3.16 临时公告
586 某某股份有限公司	2022年年度报告摘要及相关公告	A32 3.16 临时公告
587 某某股份有限公司	关于公司股东部分股份质押的公告	A32 3.16 临时公告
588 某某股份有限公司	关于公司股东部分股份质押的公告	A32 3.16 临时公告
589 某某股份有限公司	2022年年度报告摘要及相关公告	A32 3.16 临时公告
590 某某股份有限公司	关于公司股东部分股份质押的公告	A32 3.16 临时公告
591 某某股份有限公司	关于公司股东部分股份质押的公告	A32 3.16 临时公告
592 某某股份有限公司	2022年年度报告摘要及相关公告	A32 3.16 临时公告
593 某某股份有限公司	关于公司股东部分股份质押的公告	A32 3.16 临时公告
594 某某股份有限公司	关于公司股东部分股份质押的公告	A32 3.16 临时公告
595 某某股份有限公司	2022年年度报告摘要及相关公告	A32 3.16 临时公告
596 某某股份有限公司	关于公司股东部分股份质押的公告	A32 3.16 临时公告
597 某某股份有限公司	关于公司股东部分股份质押的公告	A32 3.16 临时公告
598 某某股份有限公司	2022年年度报告摘要及相关公告	A32 3.16 临时公告
599 某某股份有限公司	关于公司股东部分股份质押的公告	A32 3.16 临时公告
600 某某股份有限公司	关于公司股东部分股份质押的公告	A32 3.16 临时公告
601 某某股份有限公司	2022年年度报告摘要及相关公告	A32 3.16 临时公告
602 某某股份有限公司	关于公司股东部分股份质押的公告	A32 3.16 临时公告
603 某某股份有限公司	关于公司股东部分股份质押的公告	A32 3.16 临时公告
604 某某股份有限公司	2022年年度报告摘要及相关公告	A32 3.16 临时公告
605 某某股份有限公司	关于公司股东部分股份质押的公告	A32 3.16 临时公告
606 某某股份有限公司	关于公司股东部分股份质押的公告	A32 3.16 临时公告
607 某某股份有限公司	2022年年度报告摘要及相关公告	A32 3.16 临时公告
608 某某股份有限公司	关于公司股东部分股份质押的公告	A32 3.16 临时公告
609 某某股份有限公司	关于公司股东部分股份质押的公告	A32 3.16 临时公告
610 某某股份有限公司	2022年年度报告摘要及相关公告	A32 3.16 临时公告
611 某某股份有限公司	关于公司股东部分股份质押的公告	A32 3.16 临时公告
612 某某股份有限公司	关于公司股东部分股份质押的公告	A32 3.16 临时公告
613 某某股份有限公司	2022年年度报告摘要及相关公告	A32 3.16 临时公告
614 某某股份有限公司	关于公司股东部分股份质押的公告	A32 3.16 临时公告
615 某某股份有限公司	关于公司股东部分股份质押的公告	A32 3.16 临时公告
616 某某股份有限公司	2022年年度报告摘要及相关公告	A32 3.16 临时公告
617 某某股份有限公司	关于公司股东部分股份质押的公告	A32 3.16 临时公告
618 某某股份有限公司	关于公司股东部分股份质押的公告	A32 3.16 临时公告
619 某某股份有限公司	2022年年度报告摘要及相关公告	A32 3.16 临时公告
620 某某股份有限公司	关于公司股东部分股份质押的公告	A32 3.16 临时公告
621 某某股份有限公司	关于公司股东部分股份质押的公告	A32 3.16 临时公告
622 某某股份有限公司	2022年年度报告摘要及相关公告	A32 3.16 临时公告
623 某某股份有限公司	关于公司股东部分股份质押的公告	A32 3.16 临时公告
624 某某股份有限公司	关于公司股东部分股份质押的公告	A32 3.16 临时公告
625 某某股份有限公司	2022年年度报告摘要及相关公告	A32 3.16 临时公告
626 某某股份有限公司	关于公司股东部分股份质押的公告	A32 3.16 临时公告
627 某某股份有限公司	关于公司股东部分股份质押的公告	A32 3.16 临时公告
628 某某股份有限公司	2022年年度报告摘要及相关公告	A32 3.16 临时公告
629 某某股份有限公司	关于公司股东部分股份质押的公告	A32 3.16 临时公告
630 某某股份有限公司	关于公司股东部分股份质押的公告	A32 3.16 临时公告
631 某某股份有限公司	2022年年度报告摘要及相关公告	A32 3.16 临时公告
632 某某股份有限公司	关于公司股东部分股份质押的公告	A32 3.16 临时公告
633 某某股份有限公司	关于公司股东部分股份质押的公告	A32 3.16 临时公告
634 某某股份有限公司	2022年年度报告摘要及相关公告	A32 3.16 临时公告
635 某某股份有限公司	关于公司股东部分股份质押的公告	A32 3.16 临时公告
636 某某股份有限公司	关于公司股东部分股份质押的公告	A32 3.16 临时公告
637 某某股份有限公司	2022年年度报告摘要及相关公告	A32 3.16 临时公告
638 某某股份有限公司	关于公司股东部分股份质押的公告	A32 3.16 临时公告
639 某某股份有限公司	关于公司股东部分股份质押的公告	A32 3.16 临时公告
640 某某股份有限公司	2022年年度报告摘要及相关公告	A32 3.16 临时公告
641 某某股份有限公司	关于公司股东部分股份质押的公告	A32 3.16 临时公告
642 某某股份有限公司	关于公司股东部分股份质押的公告	A32 3.16 临时公告
643 某某股份有限公司	2022年年度报告摘要及相关公告	A32 3.16 临时公告
644 某某股份有限公司	关于公司股东部分股份质押的公告	A32 3.16 临时公告
645 某某股份有限公司	关于公司股东部分股份质押的公告	A32 3.16 临时公告
646 某某股份有限公司	2022年年度报告摘要及相关公告	A32 3.16 临时公告
647 某某股份有限公司	关于公司股东部分股份质押的公告	A32 3.16 临时公告
648 某某股份有限公司	关于公司股东部分股份质押的公告	A32 3.16 临时公告
649 某某股份有限公司	2022年年度报告摘要及相关公告	A32 3.16 临时公告
650 某某股份有限公司	关于公司股东部分股份质押的公告	A32 3.16 临时公告
651 某某股份有限公司	关于公司股东部分股份质押的公告	A32 3.16 临时公告
652 某某股份有限公司	2022年年度报告摘要及相关公告	A32 3.16 临时公告
653 某某股份有限公司	关于公司股东部分股份质押的公告	A32 3.16 临时公告
654 某某股份有限公司	关于公司股东部分股份质押的公告	A32 3.16 临时公告
655 某某股份有限公司	2022年年度报告摘要及相关公告	A32 3.16 临时公告
656 某某股份有限公司	关于公司股东部分股份质押的公告	A32 3.16 临时公告
657 某某股份有限公司	关于公司股东部分股份质押的公告	A32 3.16 临时公告
658 某某股份有限公司	2022年年度报告摘要及相关公告	A32 3.16 临时公告
659 某某股份有限公司	关于公司股东部分股份质押的公告	A32 3.16 临时公告
660 某某股份有限公司	关于公司股东部分股份质押的公告	A32 3.16 临时公告
661 某某股份有限公司	2022年年度报告摘要及相关公告	A32 3.16 临时公告
662 某某股份有限公司	关于公司股东部分股份质押的公告	A32 3.16 临时公告
663 某某股份有限公司	关于公司股东部分股份质押的公告	A32 3.16 临时公告
664 某某股份有限公司	2022年年度报告摘要及相关公告	A32 3.16 临时公告
665 某某股份有限公司	关于公司股东部分股份质押的公告	A32 3.16 临时公告
666 某某股份有限公司	关于公司股东部分股份质押的公告	A32 3.16 临时公告
667 某某股份有限公司	2022年年度报告摘要及相关公告	A32 3.16 临时公告
668 某某股份有限公司	关于公司股东部分股份质押的公告	A32 3.16 临时公告
669 某某股份有限公司	关于公司股东部分股份质押的公告	A32 3.16 临时公告
670 某某股份有限公司	2022年年度报告摘要及相关公告	A32 3.16 临时公告
671 某某股份有限公司	关于公司股东部分股份质押的公告	A32 3.16 临时公告
672 某某股份有限公司	关于公司股东部分股份质押的公告	A32 3.16 临时公告
673 某某股份有限公司	2022年年度报告摘要及相关公告	A32 3.16 临时公告
674 某某股份有限公司	关于公司股东部分股份质押的公告	A32 3.16 临时公告
675	A32 3.16 临时公告
B001-B096
